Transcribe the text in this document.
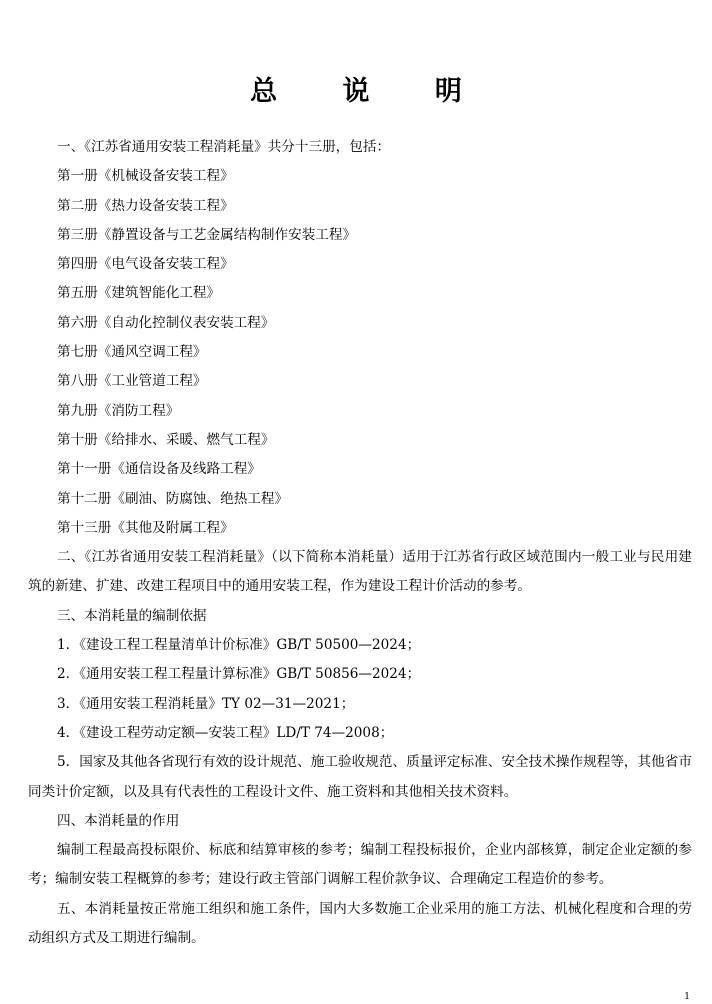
总 说 明

一、《江苏省通用安装工程消耗量》共分十三册，包括：

第一册《机械设备安装工程》

第二册《热力设备安装工程》

第三册《静置设备与工艺金属结构制作安装工程》

第四册《电气设备安装工程》

第五册《建筑智能化工程》

第六册《自动化控制仪表安装工程》

第七册《通风空调工程》

第八册《工业管道工程》

第九册《消防工程》

第十册《给排水、采暖、燃气工程》

第十一册《通信设备及线路工程》

第十二册《刷油、防腐蚀、绝热工程》

第十三册《其他及附属工程》

二、《江苏省通用安装工程消耗量》（以下简称本消耗量）适用于江苏省行政区域范围内一般工业与民用建筑的新建、扩建、改建工程项目中的通用安装工程，作为建设工程计价活动的参考。

三、本消耗量的编制依据

1．《建设工程工程量清单计价标准》GB/T 50500—2024；

2．《通用安装工程工程量计算标准》GB/T 50856—2024；

3．《通用安装工程消耗量》TY 02—31—2021；

4．《建设工程劳动定额—安装工程》LD/T 74—2008；

5．国家及其他各省现行有效的设计规范、施工验收规范、质量评定标准、安全技术操作规程等，其他省市同类计价定额，以及具有代表性的工程设计文件、施工资料和其他相关技术资料。

四、本消耗量的作用

编制工程最高投标限价、标底和结算审核的参考；编制工程投标报价，企业内部核算，制定企业定额的参考；编制安装工程概算的参考；建设行政主管部门调解工程价款争议、合理确定工程造价的参考。

五、本消耗量按正常施工组织和施工条件，国内大多数施工企业采用的施工方法、机械化程度和合理的劳动组织方式及工期进行编制。

1
